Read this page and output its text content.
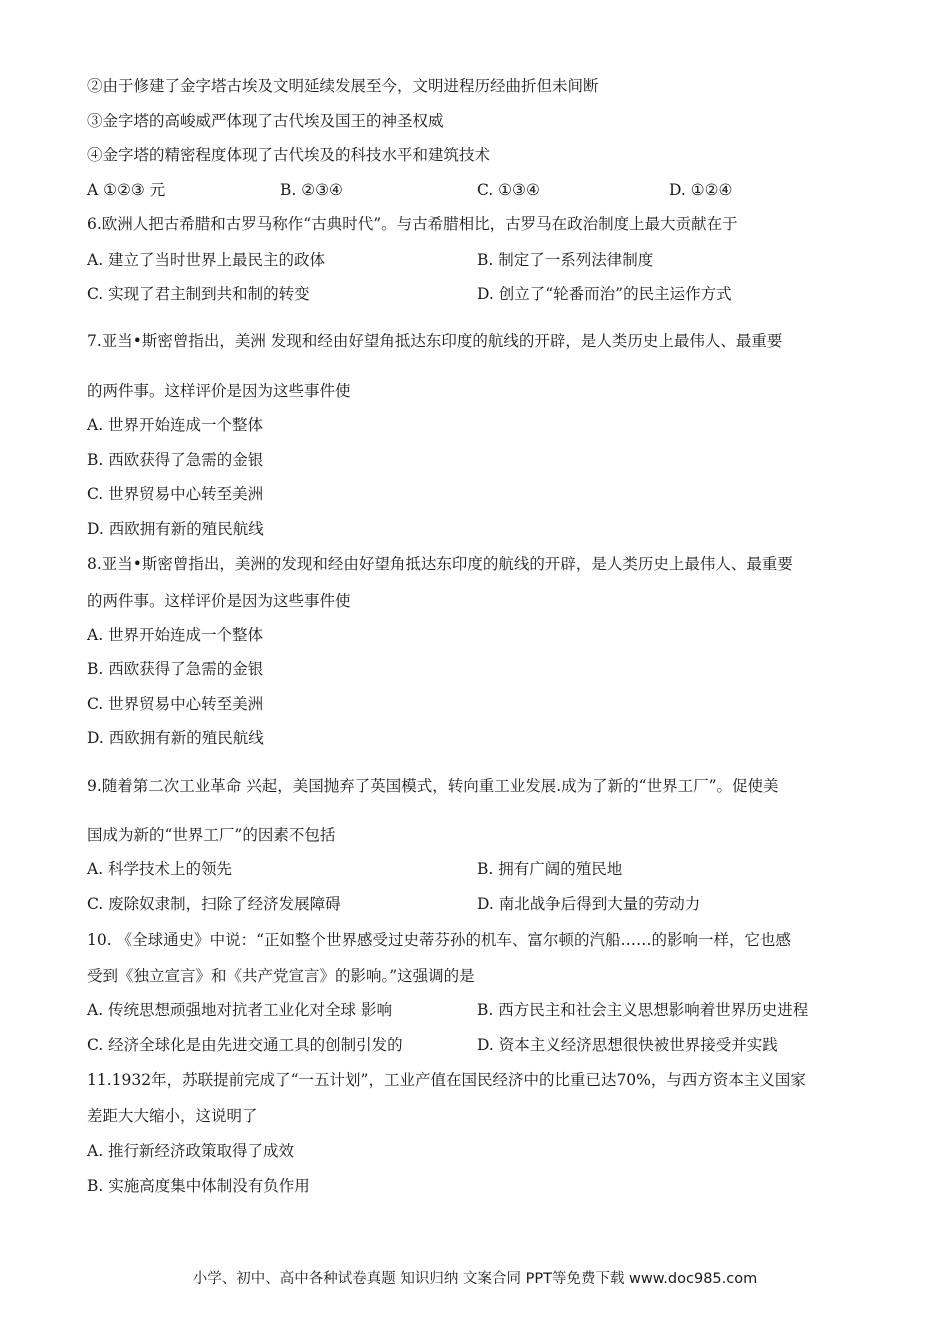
②由于修建了金字塔古埃及文明延续发展至今，文明进程历经曲折但未间断
③金字塔的高峻威严体现了古代埃及国王的神圣权威
④金字塔的精密程度体现了古代埃及的科技水平和建筑技术
A ①②③ 元	B. ②③④	C. ①③④	D. ①②④
6.欧洲人把古希腊和古罗马称作“古典时代”。与古希腊相比，古罗马在政治制度上最大贡献在于
A. 建立了当时世界上最民主的政体	B. 制定了一系列法律制度
C. 实现了君主制到共和制的转变	D. 创立了“轮番而治”的民主运作方式
7.亚当•斯密曾指出，美洲 发现和经由好望角抵达东印度的航线的开辟，是人类历史上最伟人、最重要
的两件事。这样评价是因为这些事件使
A. 世界开始连成一个整体
B. 西欧获得了急需的金银
C. 世界贸易中心转至美洲
D. 西欧拥有新的殖民航线
8.亚当•斯密曾指出，美洲的发现和经由好望角抵达东印度的航线的开辟，是人类历史上最伟人、最重要
的两件事。这样评价是因为这些事件使
A. 世界开始连成一个整体
B. 西欧获得了急需的金银
C. 世界贸易中心转至美洲
D. 西欧拥有新的殖民航线
9.随着第二次工业革命 兴起，美国抛弃了英国模式，转向重工业发展.成为了新的“世界工厂”。促使美
国成为新的“世界工厂”的因素不包括
A. 科学技术上的领先	B. 拥有广阔的殖民地
C. 废除奴隶制，扫除了经济发展障碍	D. 南北战争后得到大量的劳动力
10. 《全球通史》中说：“正如整个世界感受过史蒂芬孙的机车、富尔顿的汽船……的影响一样，它也感
受到《独立宣言》和《共产党宣言》的影响。”这强调的是
A. 传统思想顽强地对抗者工业化对全球 影响	B. 西方民主和社会主义思想影响着世界历史进程
C. 经济全球化是由先进交通工具的创制引发的	D. 资本主义经济思想很快被世界接受并实践
11.1932年，苏联提前完成了“一五计划”，工业产值在国民经济中的比重已达70%，与西方资本主义国家
差距大大缩小，这说明了
A. 推行新经济政策取得了成效
B. 实施高度集中体制没有负作用
小学、初中、高中各种试卷真题 知识归纳 文案合同 PPT等免费下载 www.doc985.com
